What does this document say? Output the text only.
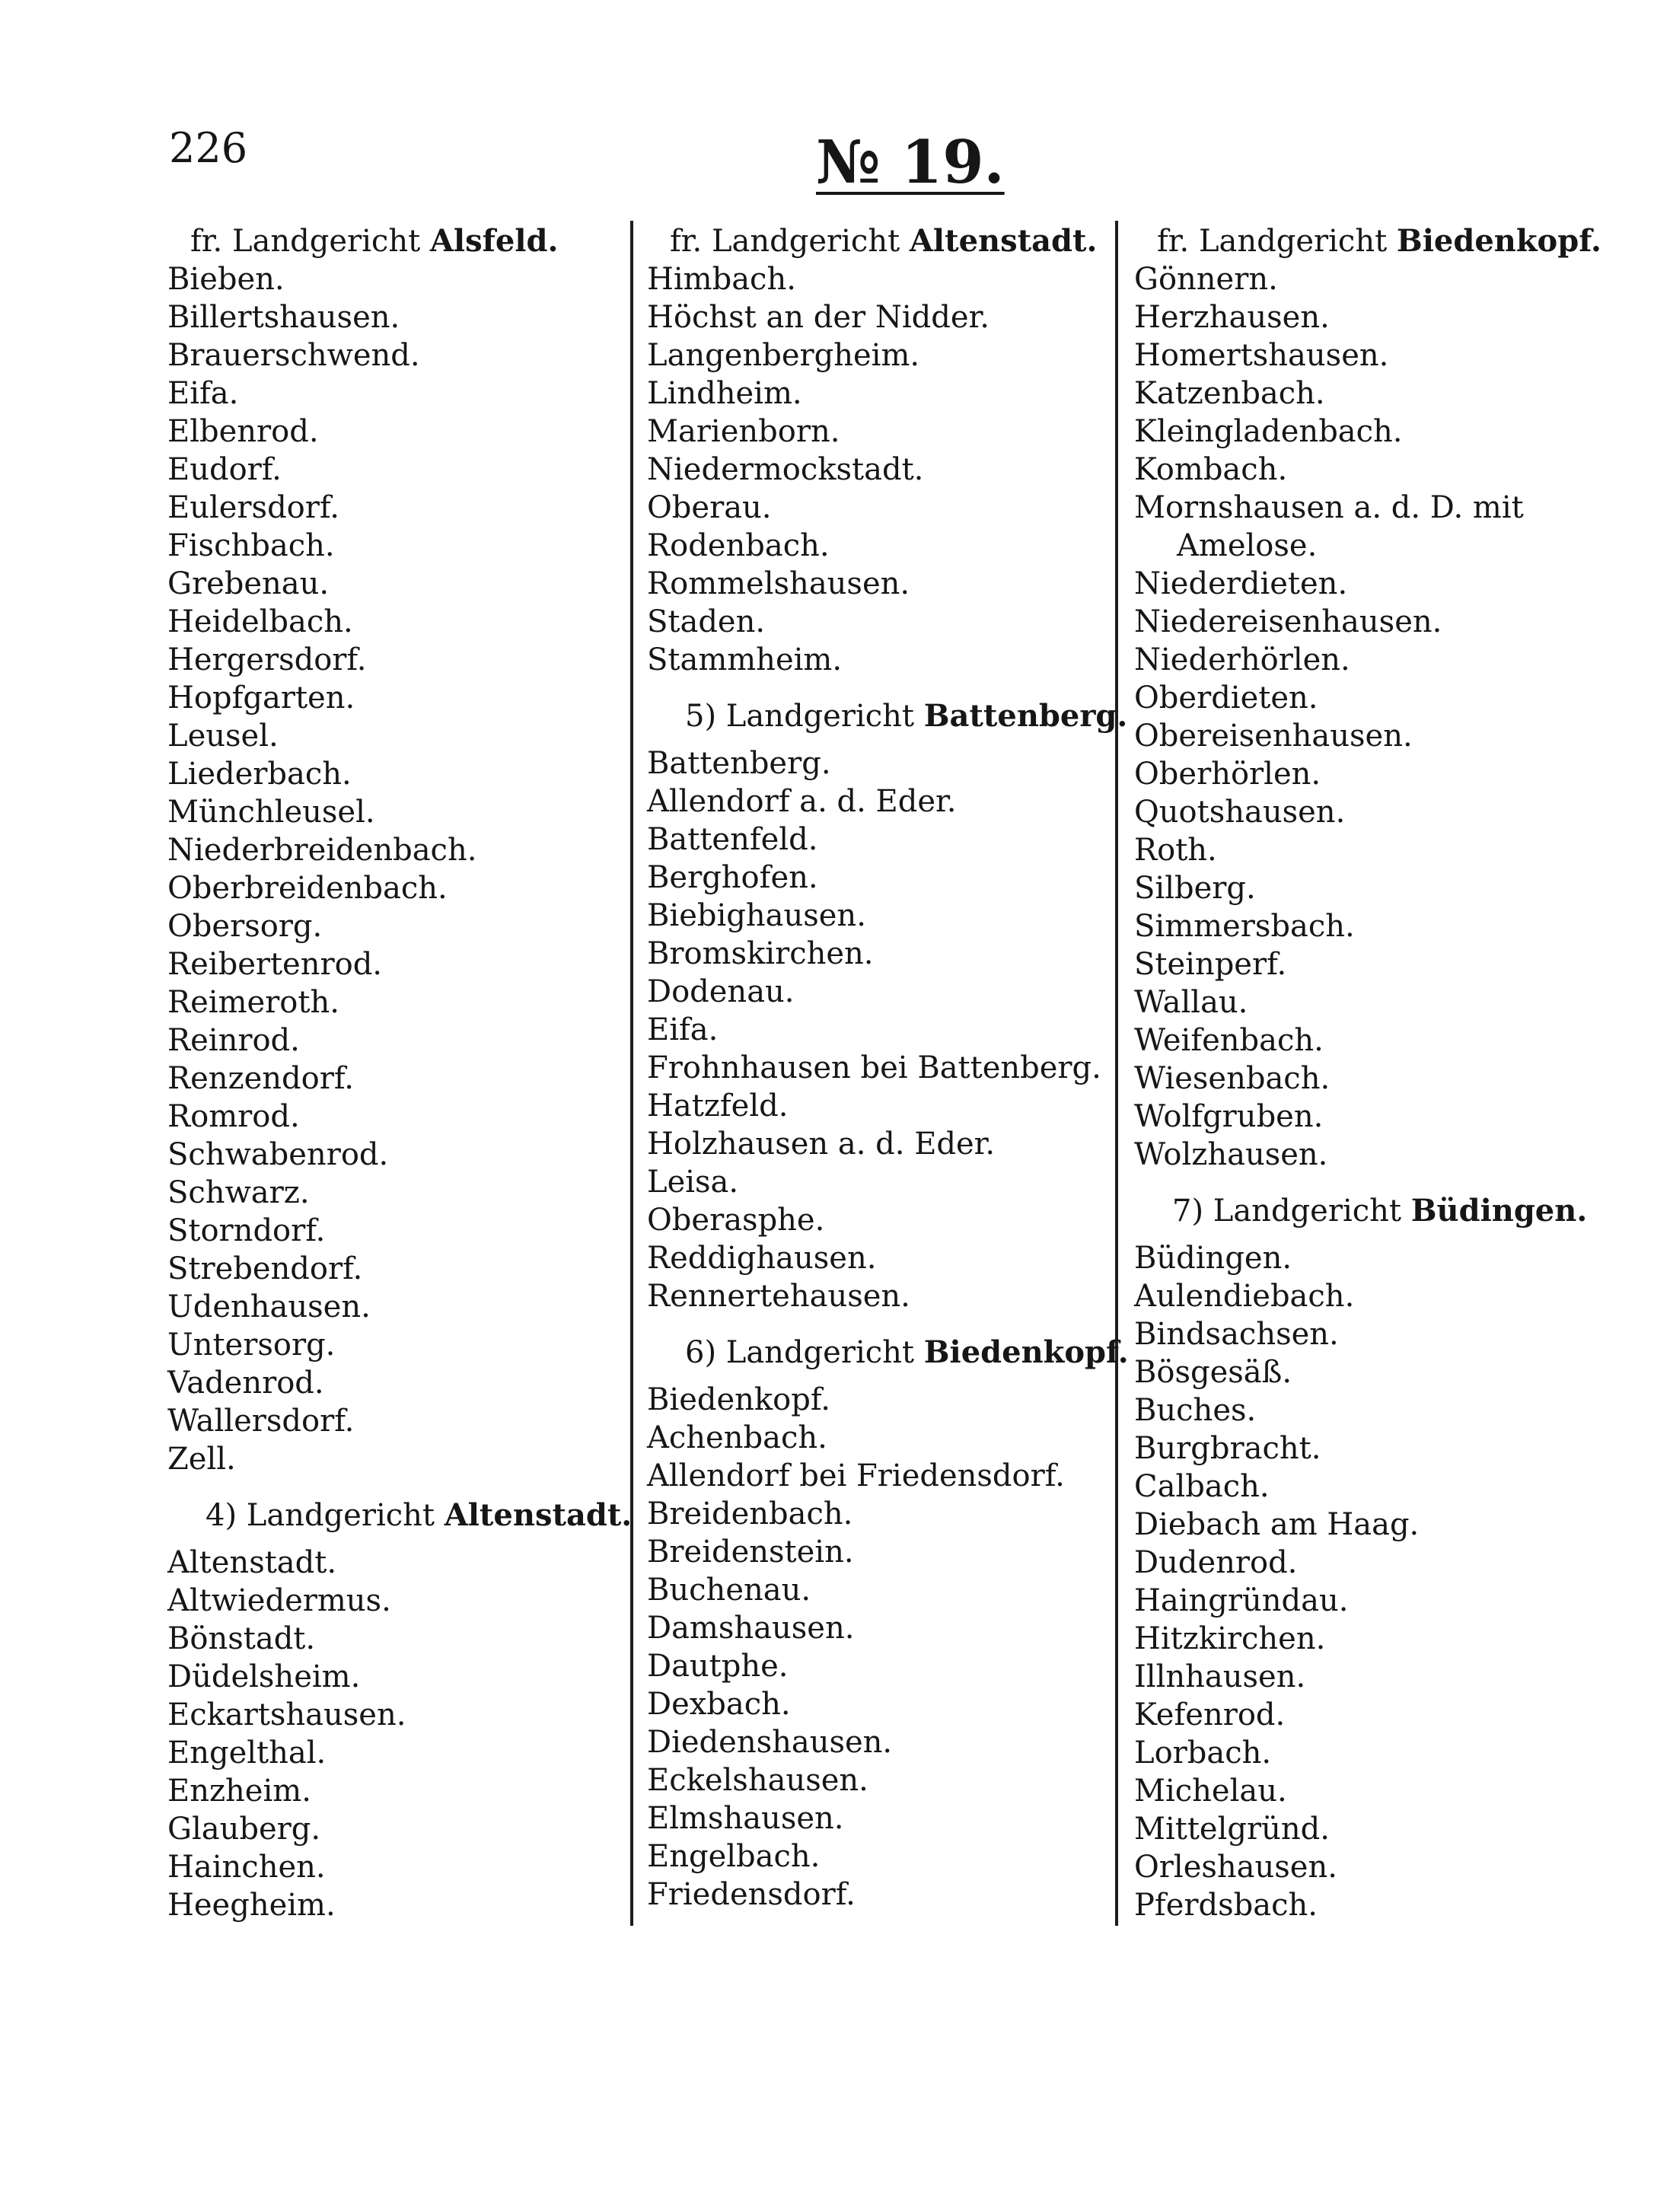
226	№ 19.
fr. Landgericht Alsfeld.
Bieben.
Billertshausen.
Brauerschwend.
Eifa.
Elbenrod.
Eudorf.
Eulersdorf.
Fischbach.
Grebenau.
Heidelbach.
Hergersdorf.
Hopfgarten.
Leusel.
Liederbach.
Münchleusel.
Niederbreidenbach.
Oberbreidenbach.
Obersorg.
Reibertenrod.
Reimeroth.
Reinrod.
Renzendorf.
Romrod.
Schwabenrod.
Schwarz.
Storndorf.
Strebendorf.
Udenhausen.
Untersorg.
Vadenrod.
Wallersdorf.
Zell.
4) Landgericht Altenstadt.
Altenstadt.
Altwiedermus.
Bönstadt.
Düdelsheim.
Eckartshausen.
Engelthal.
Enzheim.
Glauberg.
Hainchen.
Heegheim.
fr. Landgericht Altenstadt.
Himbach.
Höchst an der Nidder.
Langenbergheim.
Lindheim.
Marienborn.
Niedermockstadt.
Oberau.
Rodenbach.
Rommelshausen.
Staden.
Stammheim.
5) Landgericht Battenberg.
Battenberg.
Allendorf a. d. Eder.
Battenfeld.
Berghofen.
Biebighausen.
Bromskirchen.
Dodenau.
Eifa.
Frohnhausen bei Battenberg.
Hatzfeld.
Holzhausen a. d. Eder.
Leisa.
Oberasphe.
Reddighausen.
Rennertehausen.
6) Landgericht Biedenkopf.
Biedenkopf.
Achenbach.
Allendorf bei Friedensdorf.
Breidenbach.
Breidenstein.
Buchenau.
Damshausen.
Dautphe.
Dexbach.
Diedenshausen.
Eckelshausen.
Elmshausen.
Engelbach.
Friedensdorf.
fr. Landgericht Biedenkopf.
Gönnern.
Herzhausen.
Homertshausen.
Katzenbach.
Kleingladenbach.
Kombach.
Mornshausen a. d. D. mit
Amelose.
Niederdieten.
Niedereisenhausen.
Niederhörlen.
Oberdieten.
Obereisenhausen.
Oberhörlen.
Quotshausen.
Roth.
Silberg.
Simmersbach.
Steinperf.
Wallau.
Weifenbach.
Wiesenbach.
Wolfgruben.
Wolzhausen.
7) Landgericht Büdingen.
Büdingen.
Aulendiebach.
Bindsachsen.
Bösgesäß.
Buches.
Burgbracht.
Calbach.
Diebach am Haag.
Dudenrod.
Haingründau.
Hitzkirchen.
Illnhausen.
Kefenrod.
Lorbach.
Michelau.
Mittelgründ.
Orleshausen.
Pferdsbach.
